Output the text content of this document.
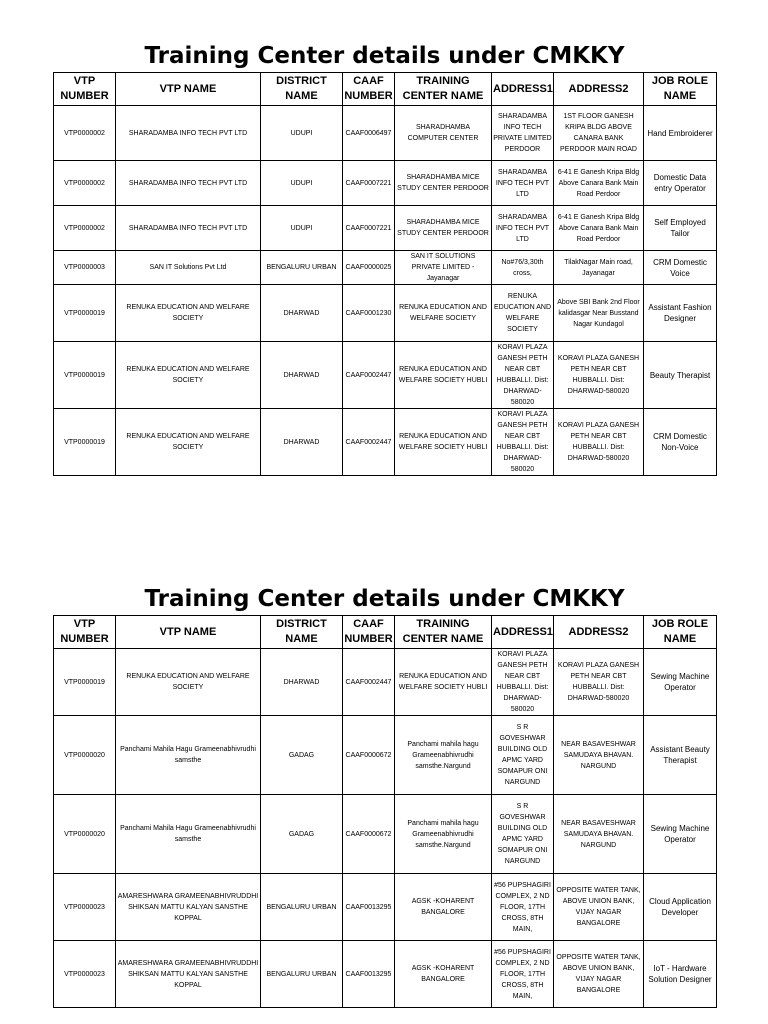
Training Center details under CMKKY
VTP NUMBER	VTP NAME	DISTRICT NAME	CAAF NUMBER	TRAINING CENTER NAME	ADDRESS1	ADDRESS2	JOB ROLE NAME
VTP0000002	SHARADAMBA INFO TECH PVT LTD	UDUPI	CAAF0006497	SHARADHAMBA COMPUTER CENTER	SHARADAMBA INFO TECH PRIVATE LIMITED PERDOOR	1ST FLOOR GANESH KRIPA BLDG ABOVE CANARA BANK PERDOOR MAIN ROAD	Hand Embroiderer
VTP0000002	SHARADAMBA INFO TECH PVT LTD	UDUPI	CAAF0007221	SHARADHAMBA MICE STUDY CENTER PERDOOR	SHARADAMBA INFO TECH PVT LTD	6-41 E Ganesh Kripa Bldg Above Canara Bank Main Road Perdoor	Domestic Data entry Operator
VTP0000002	SHARADAMBA INFO TECH PVT LTD	UDUPI	CAAF0007221	SHARADHAMBA MICE STUDY CENTER PERDOOR	SHARADAMBA INFO TECH PVT LTD	6-41 E Ganesh Kripa Bldg Above Canara Bank Main Road Perdoor	Self Employed Tailor
VTP0000003	SAN IT Solutions Pvt Ltd	BENGALURU URBAN	CAAF0000025	SAN IT SOLUTIONS PRIVATE LIMITED - Jayanagar	No#76/3,30th cross,	TilakNagar Main road, Jayanagar	CRM Domestic Voice
VTP0000019	RENUKA EDUCATION AND WELFARE SOCIETY	DHARWAD	CAAF0001230	RENUKA EDUCATION AND WELFARE SOCIETY	RENUKA EDUCATION AND WELFARE SOCIETY	Above SBI Bank 2nd Floor kalidasgar Near Busstand Nagar Kundagol	Assistant Fashion Designer
VTP0000019	RENUKA EDUCATION AND WELFARE SOCIETY	DHARWAD	CAAF0002447	RENUKA EDUCATION AND WELFARE SOCIETY HUBLI	KORAVI PLAZA GANESH PETH NEAR CBT HUBBALLI. Dist: DHARWAD-580020	KORAVI PLAZA GANESH PETH NEAR CBT HUBBALLI. Dist: DHARWAD-580020	Beauty Therapist
VTP0000019	RENUKA EDUCATION AND WELFARE SOCIETY	DHARWAD	CAAF0002447	RENUKA EDUCATION AND WELFARE SOCIETY HUBLI	KORAVI PLAZA GANESH PETH NEAR CBT HUBBALLI. Dist: DHARWAD-580020	KORAVI PLAZA GANESH PETH NEAR CBT HUBBALLI. Dist: DHARWAD-580020	CRM Domestic Non-Voice
Training Center details under CMKKY
VTP NUMBER	VTP NAME	DISTRICT NAME	CAAF NUMBER	TRAINING CENTER NAME	ADDRESS1	ADDRESS2	JOB ROLE NAME
VTP0000019	RENUKA EDUCATION AND WELFARE SOCIETY	DHARWAD	CAAF0002447	RENUKA EDUCATION AND WELFARE SOCIETY HUBLI	KORAVI PLAZA GANESH PETH NEAR CBT HUBBALLI. Dist: DHARWAD-580020	KORAVI PLAZA GANESH PETH NEAR CBT HUBBALLI. Dist: DHARWAD-580020	Sewing Machine Operator
VTP0000020	Panchami Mahila Hagu Grameenabhivrudhi samsthe	GADAG	CAAF0000672	Panchami mahila hagu Grameenabhivrudhi samsthe.Nargund	S R GOVESHWAR BUILDING OLD APMC YARD SOMAPUR ONI NARGUND	NEAR BASAVESHWAR SAMUDAYA BHAVAN. NARGUND	Assistant Beauty Therapist
VTP0000020	Panchami Mahila Hagu Grameenabhivrudhi samsthe	GADAG	CAAF0000672	Panchami mahila hagu Grameenabhivrudhi samsthe.Nargund	S R GOVESHWAR BUILDING OLD APMC YARD SOMAPUR ONI NARGUND	NEAR BASAVESHWAR SAMUDAYA BHAVAN. NARGUND	Sewing Machine Operator
VTP0000023	AMARESHWARA GRAMEENABHIVRUDDHI SHIKSAN MATTU KALYAN SANSTHE KOPPAL	BENGALURU URBAN	CAAF0013295	AGSK -KOHARENT BANGALORE	#56 PUPSHAGIRI COMPLEX, 2 ND FLOOR, 17TH CROSS, 8TH MAIN,	OPPOSITE WATER TANK, ABOVE UNION BANK, VIJAY NAGAR BANGALORE	Cloud Application Developer
VTP0000023	AMARESHWARA GRAMEENABHIVRUDDHI SHIKSAN MATTU KALYAN SANSTHE KOPPAL	BENGALURU URBAN	CAAF0013295	AGSK -KOHARENT BANGALORE	#56 PUPSHAGIRI COMPLEX, 2 ND FLOOR, 17TH CROSS, 8TH MAIN,	OPPOSITE WATER TANK, ABOVE UNION BANK, VIJAY NAGAR BANGALORE	IoT - Hardware Solution Designer
